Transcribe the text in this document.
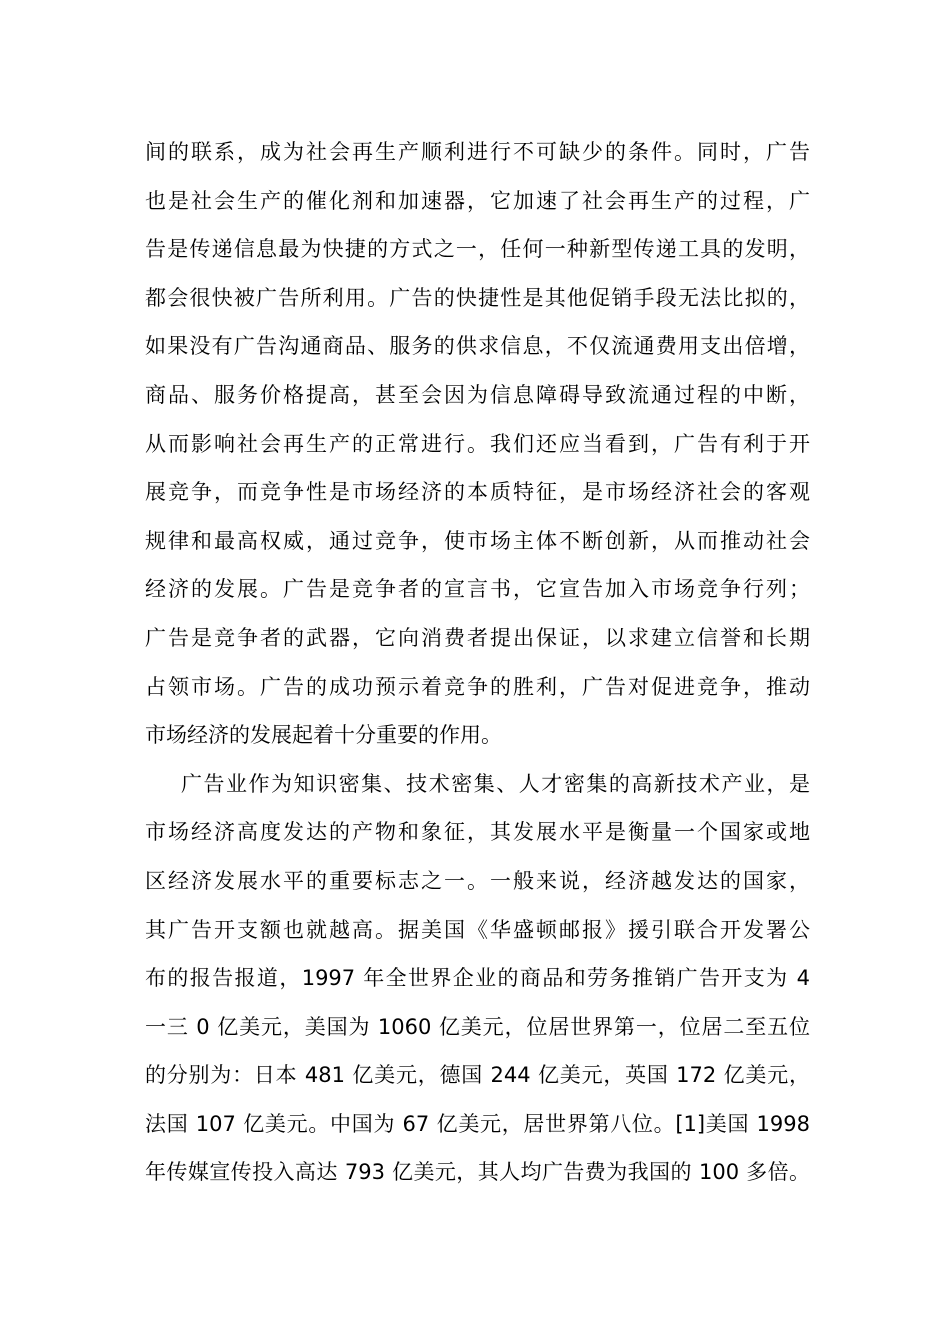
间的联系，成为社会再生产顺利进行不可缺少的条件。同时，广告
也是社会生产的催化剂和加速器，它加速了社会再生产的过程，广
告是传递信息最为快捷的方式之一，任何一种新型传递工具的发明，
都会很快被广告所利用。广告的快捷性是其他促销手段无法比拟的，
如果没有广告沟通商品、服务的供求信息，不仅流通费用支出倍增，
商品、服务价格提高，甚至会因为信息障碍导致流通过程的中断，
从而影响社会再生产的正常进行。我们还应当看到，广告有利于开
展竞争，而竞争性是市场经济的本质特征，是市场经济社会的客观
规律和最高权威，通过竞争，使市场主体不断创新，从而推动社会
经济的发展。广告是竞争者的宣言书，它宣告加入市场竞争行列；
广告是竞争者的武器，它向消费者提出保证，以求建立信誉和长期
占领市场。广告的成功预示着竞争的胜利，广告对促进竞争，推动
市场经济的发展起着十分重要的作用。
广告业作为知识密集、技术密集、人才密集的高新技术产业，是
市场经济高度发达的产物和象征，其发展水平是衡量一个国家或地
区经济发展水平的重要标志之一。一般来说，经济越发达的国家，
其广告开支额也就越高。据美国《华盛顿邮报》援引联合开发署公
布的报告报道，1997 年全世界企业的商品和劳务推销广告开支为 4
一三 0 亿美元，美国为 1060 亿美元，位居世界第一，位居二至五位
的分别为：日本 481 亿美元，德国 244 亿美元，英国 172 亿美元，
法国 107 亿美元。中国为 67 亿美元，居世界第八位。[1]美国 1998
年传媒宣传投入高达 793 亿美元，其人均广告费为我国的 100 多倍。
